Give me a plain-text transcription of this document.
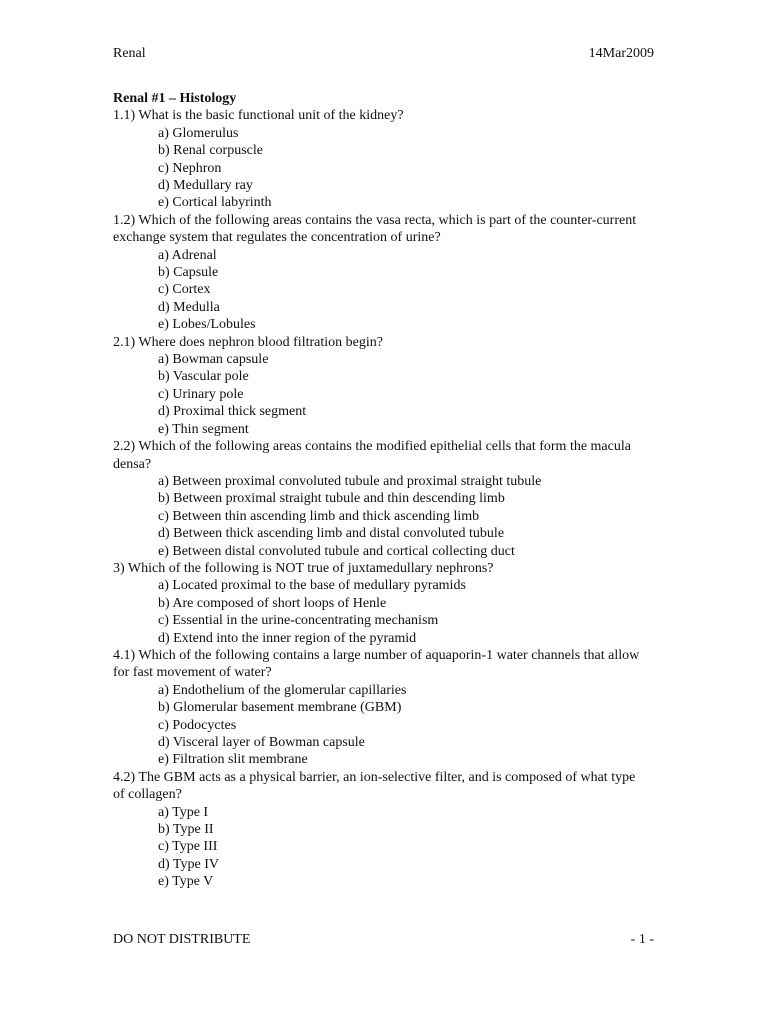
Renal	14Mar2009
Renal #1 – Histology
1.1) What is the basic functional unit of the kidney?
a) Glomerulus
b) Renal corpuscle
c) Nephron
d) Medullary ray
e) Cortical labyrinth
1.2) Which of the following areas contains the vasa recta, which is part of the counter-current exchange system that regulates the concentration of urine?
a) Adrenal
b) Capsule
c) Cortex
d) Medulla
e) Lobes/Lobules
2.1) Where does nephron blood filtration begin?
a) Bowman capsule
b) Vascular pole
c) Urinary pole
d) Proximal thick segment
e) Thin segment
2.2) Which of the following areas contains the modified epithelial cells that form the macula densa?
a) Between proximal convoluted tubule and proximal straight tubule
b) Between proximal straight tubule and thin descending limb
c) Between thin ascending limb and thick ascending limb
d) Between thick ascending limb and distal convoluted tubule
e) Between distal convoluted tubule and cortical collecting duct
3) Which of the following is NOT true of juxtamedullary nephrons?
a) Located proximal to the base of medullary pyramids
b) Are composed of short loops of Henle
c) Essential in the urine-concentrating mechanism
d) Extend into the inner region of the pyramid
4.1) Which of the following contains a large number of aquaporin-1 water channels that allow for fast movement of water?
a) Endothelium of the glomerular capillaries
b) Glomerular basement membrane (GBM)
c) Podocyctes
d) Visceral layer of Bowman capsule
e) Filtration slit membrane
4.2) The GBM acts as a physical barrier, an ion-selective filter, and is composed of what type of collagen?
a) Type I
b) Type II
c) Type III
d) Type IV
e) Type V
DO NOT DISTRIBUTE	- 1 -
